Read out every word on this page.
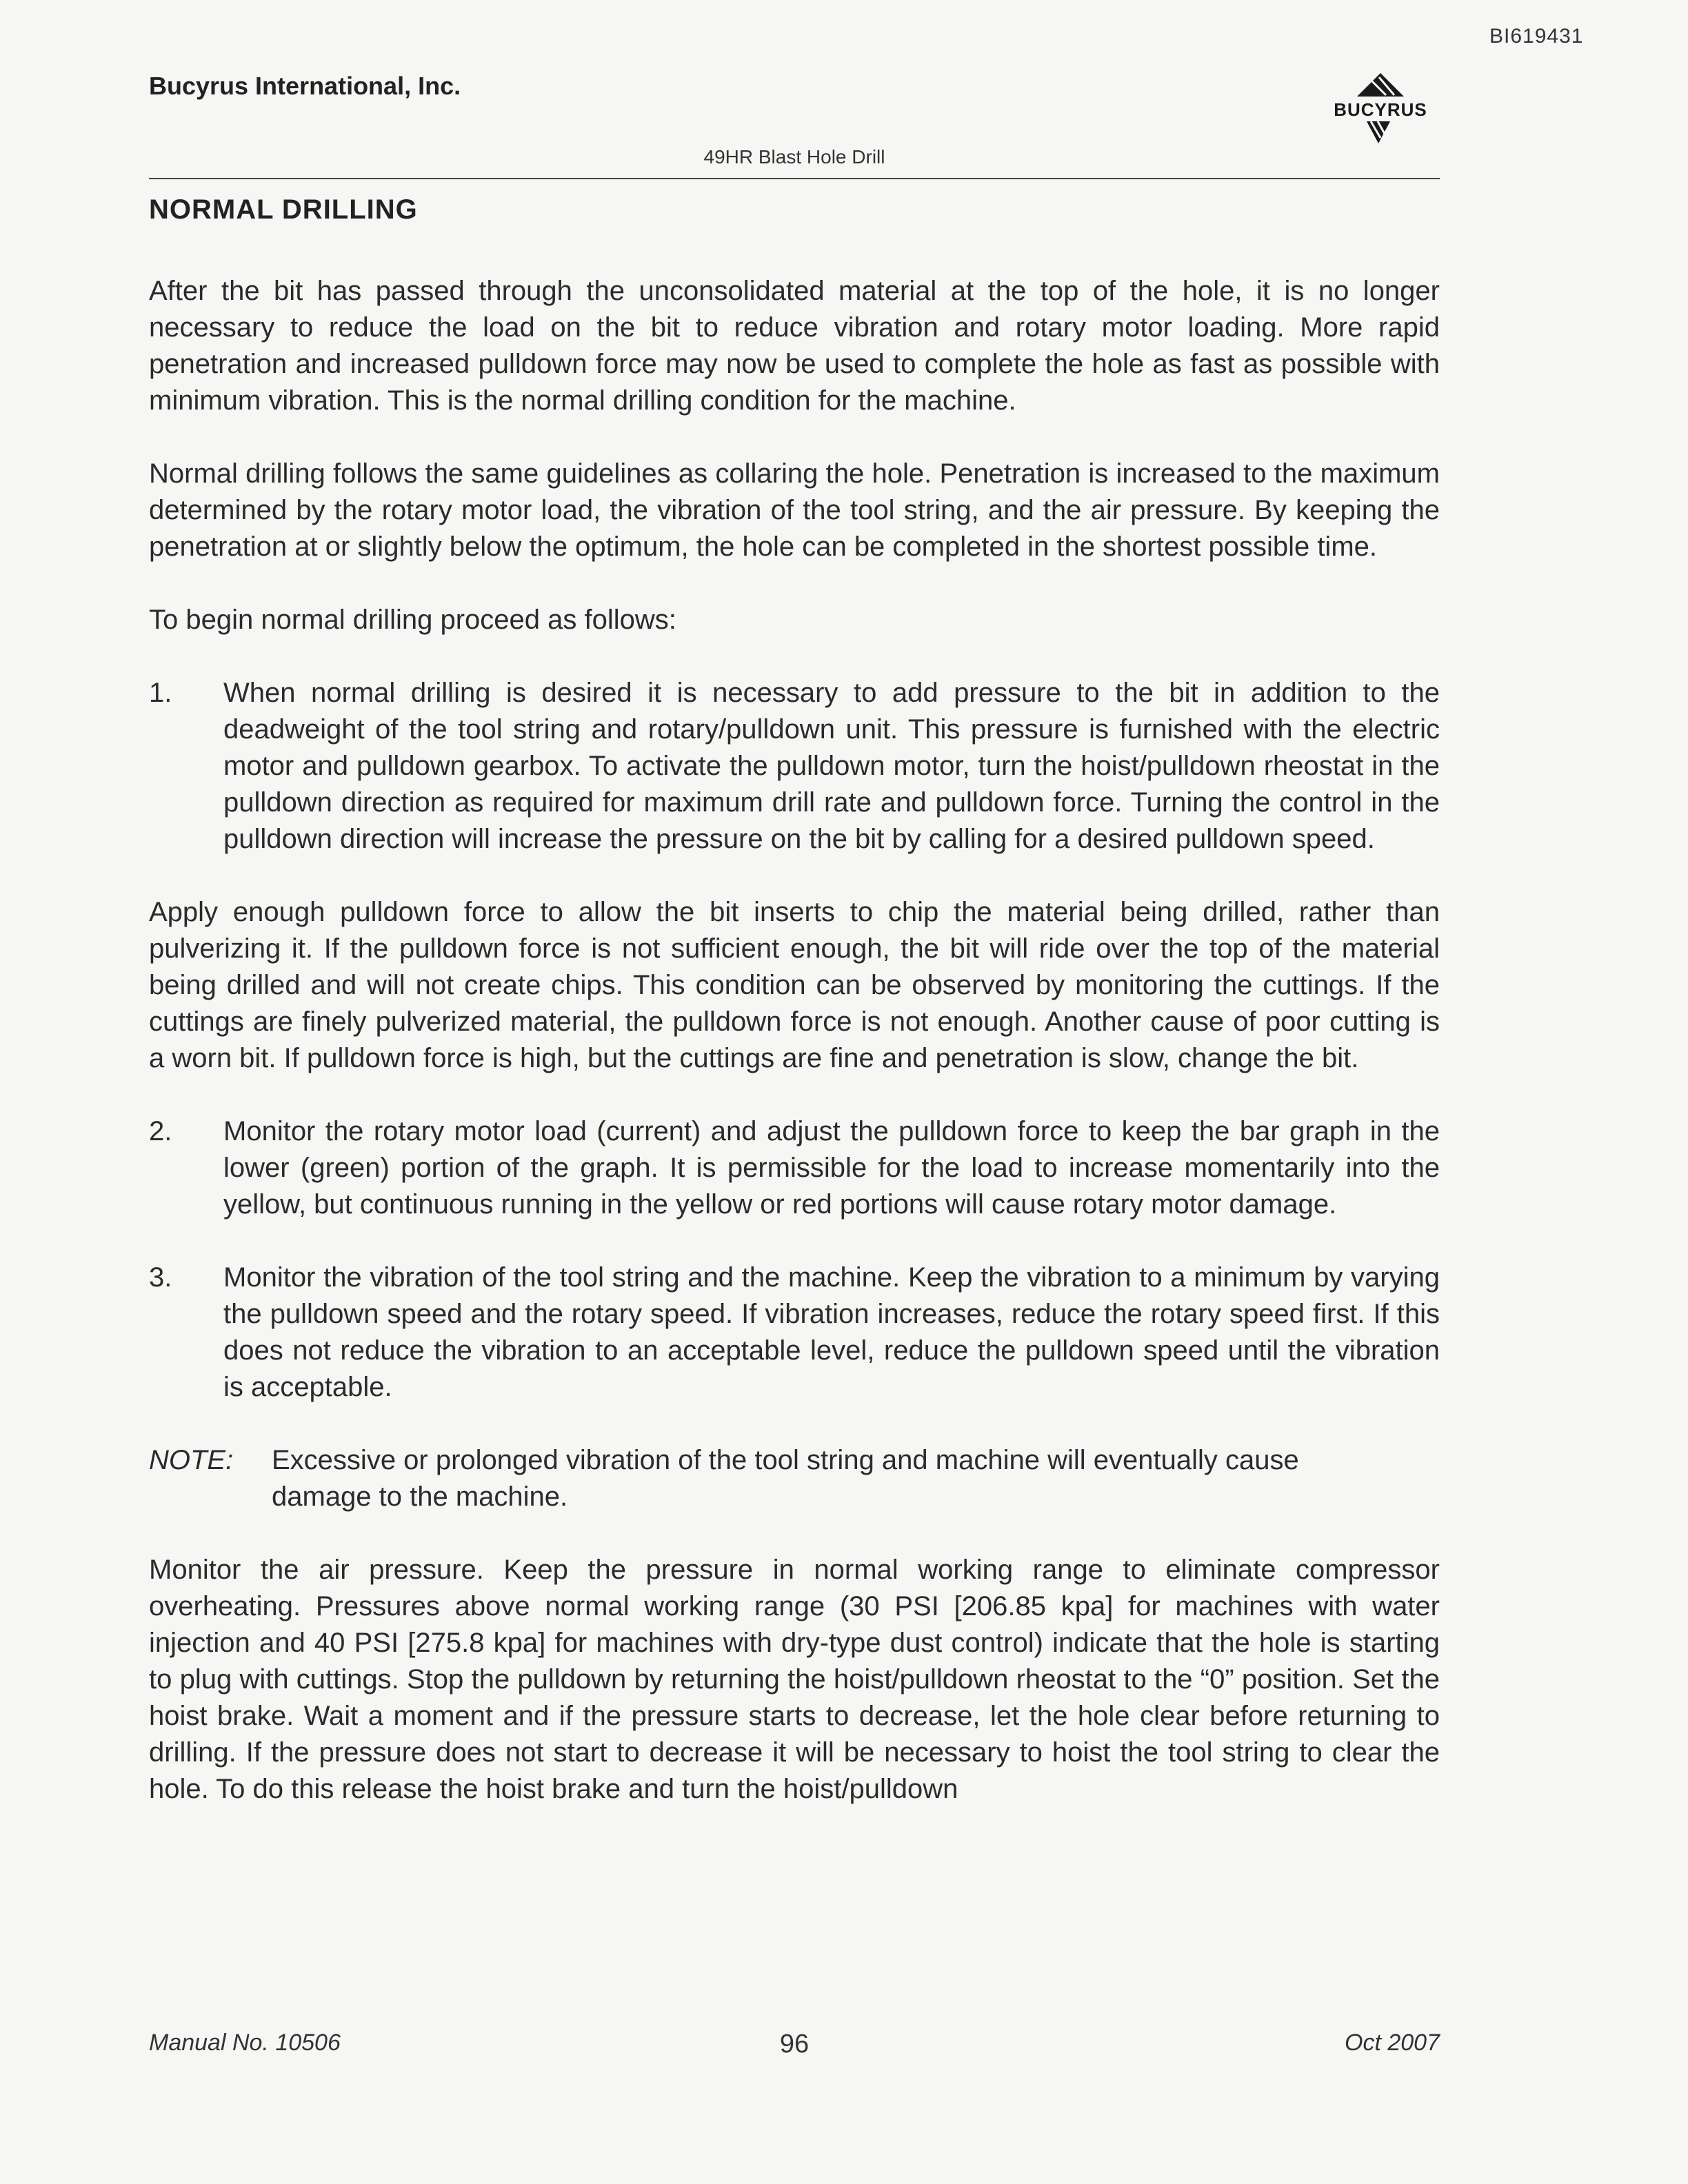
BI619431
Bucyrus International, Inc.
BUCYRUS
49HR Blast Hole Drill
NORMAL DRILLING

After the bit has passed through the unconsolidated material at the top of the hole, it is no longer necessary to reduce the load on the bit to reduce vibration and rotary motor loading. More rapid penetration and increased pulldown force may now be used to complete the hole as fast as possible with minimum vibration. This is the normal drilling condition for the machine.

Normal drilling follows the same guidelines as collaring the hole. Penetration is increased to the maximum determined by the rotary motor load, the vibration of the tool string, and the air pressure. By keeping the penetration at or slightly below the optimum, the hole can be completed in the shortest possible time.

To begin normal drilling proceed as follows:

1.	When normal drilling is desired it is necessary to add pressure to the bit in addition to the deadweight of the tool string and rotary/pulldown unit. This pressure is furnished with the electric motor and pulldown gearbox. To activate the pulldown motor, turn the hoist/pulldown rheostat in the pulldown direction as required for maximum drill rate and pulldown force. Turning the control in the pulldown direction will increase the pressure on the bit by calling for a desired pulldown speed.

Apply enough pulldown force to allow the bit inserts to chip the material being drilled, rather than pulverizing it. If the pulldown force is not sufficient enough, the bit will ride over the top of the material being drilled and will not create chips. This condition can be observed by monitoring the cuttings. If the cuttings are finely pulverized material, the pulldown force is not enough. Another cause of poor cutting is a worn bit. If pulldown force is high, but the cuttings are fine and penetration is slow, change the bit.

2.	Monitor the rotary motor load (current) and adjust the pulldown force to keep the bar graph in the lower (green) portion of the graph. It is permissible for the load to increase momentarily into the yellow, but continuous running in the yellow or red portions will cause rotary motor damage.
3.	Monitor the vibration of the tool string and the machine. Keep the vibration to a minimum by varying the pulldown speed and the rotary speed. If vibration increases, reduce the rotary speed first. If this does not reduce the vibration to an acceptable level, reduce the pulldown speed until the vibration is acceptable.
NOTE:	Excessive or prolonged vibration of the tool string and machine will eventually cause damage to the machine.

Monitor the air pressure. Keep the pressure in normal working range to eliminate compressor overheating. Pressures above normal working range (30 PSI [206.85 kpa] for machines with water injection and 40 PSI [275.8 kpa] for machines with dry-type dust control) indicate that the hole is starting to plug with cuttings. Stop the pulldown by returning the hoist/pulldown rheostat to the “0” position. Set the hoist brake. Wait a moment and if the pressure starts to decrease, let the hole clear before returning to drilling. If the pressure does not start to decrease it will be necessary to hoist the tool string to clear the hole. To do this release the hoist brake and turn the hoist/pulldown

Manual No. 10506	96	Oct 2007
